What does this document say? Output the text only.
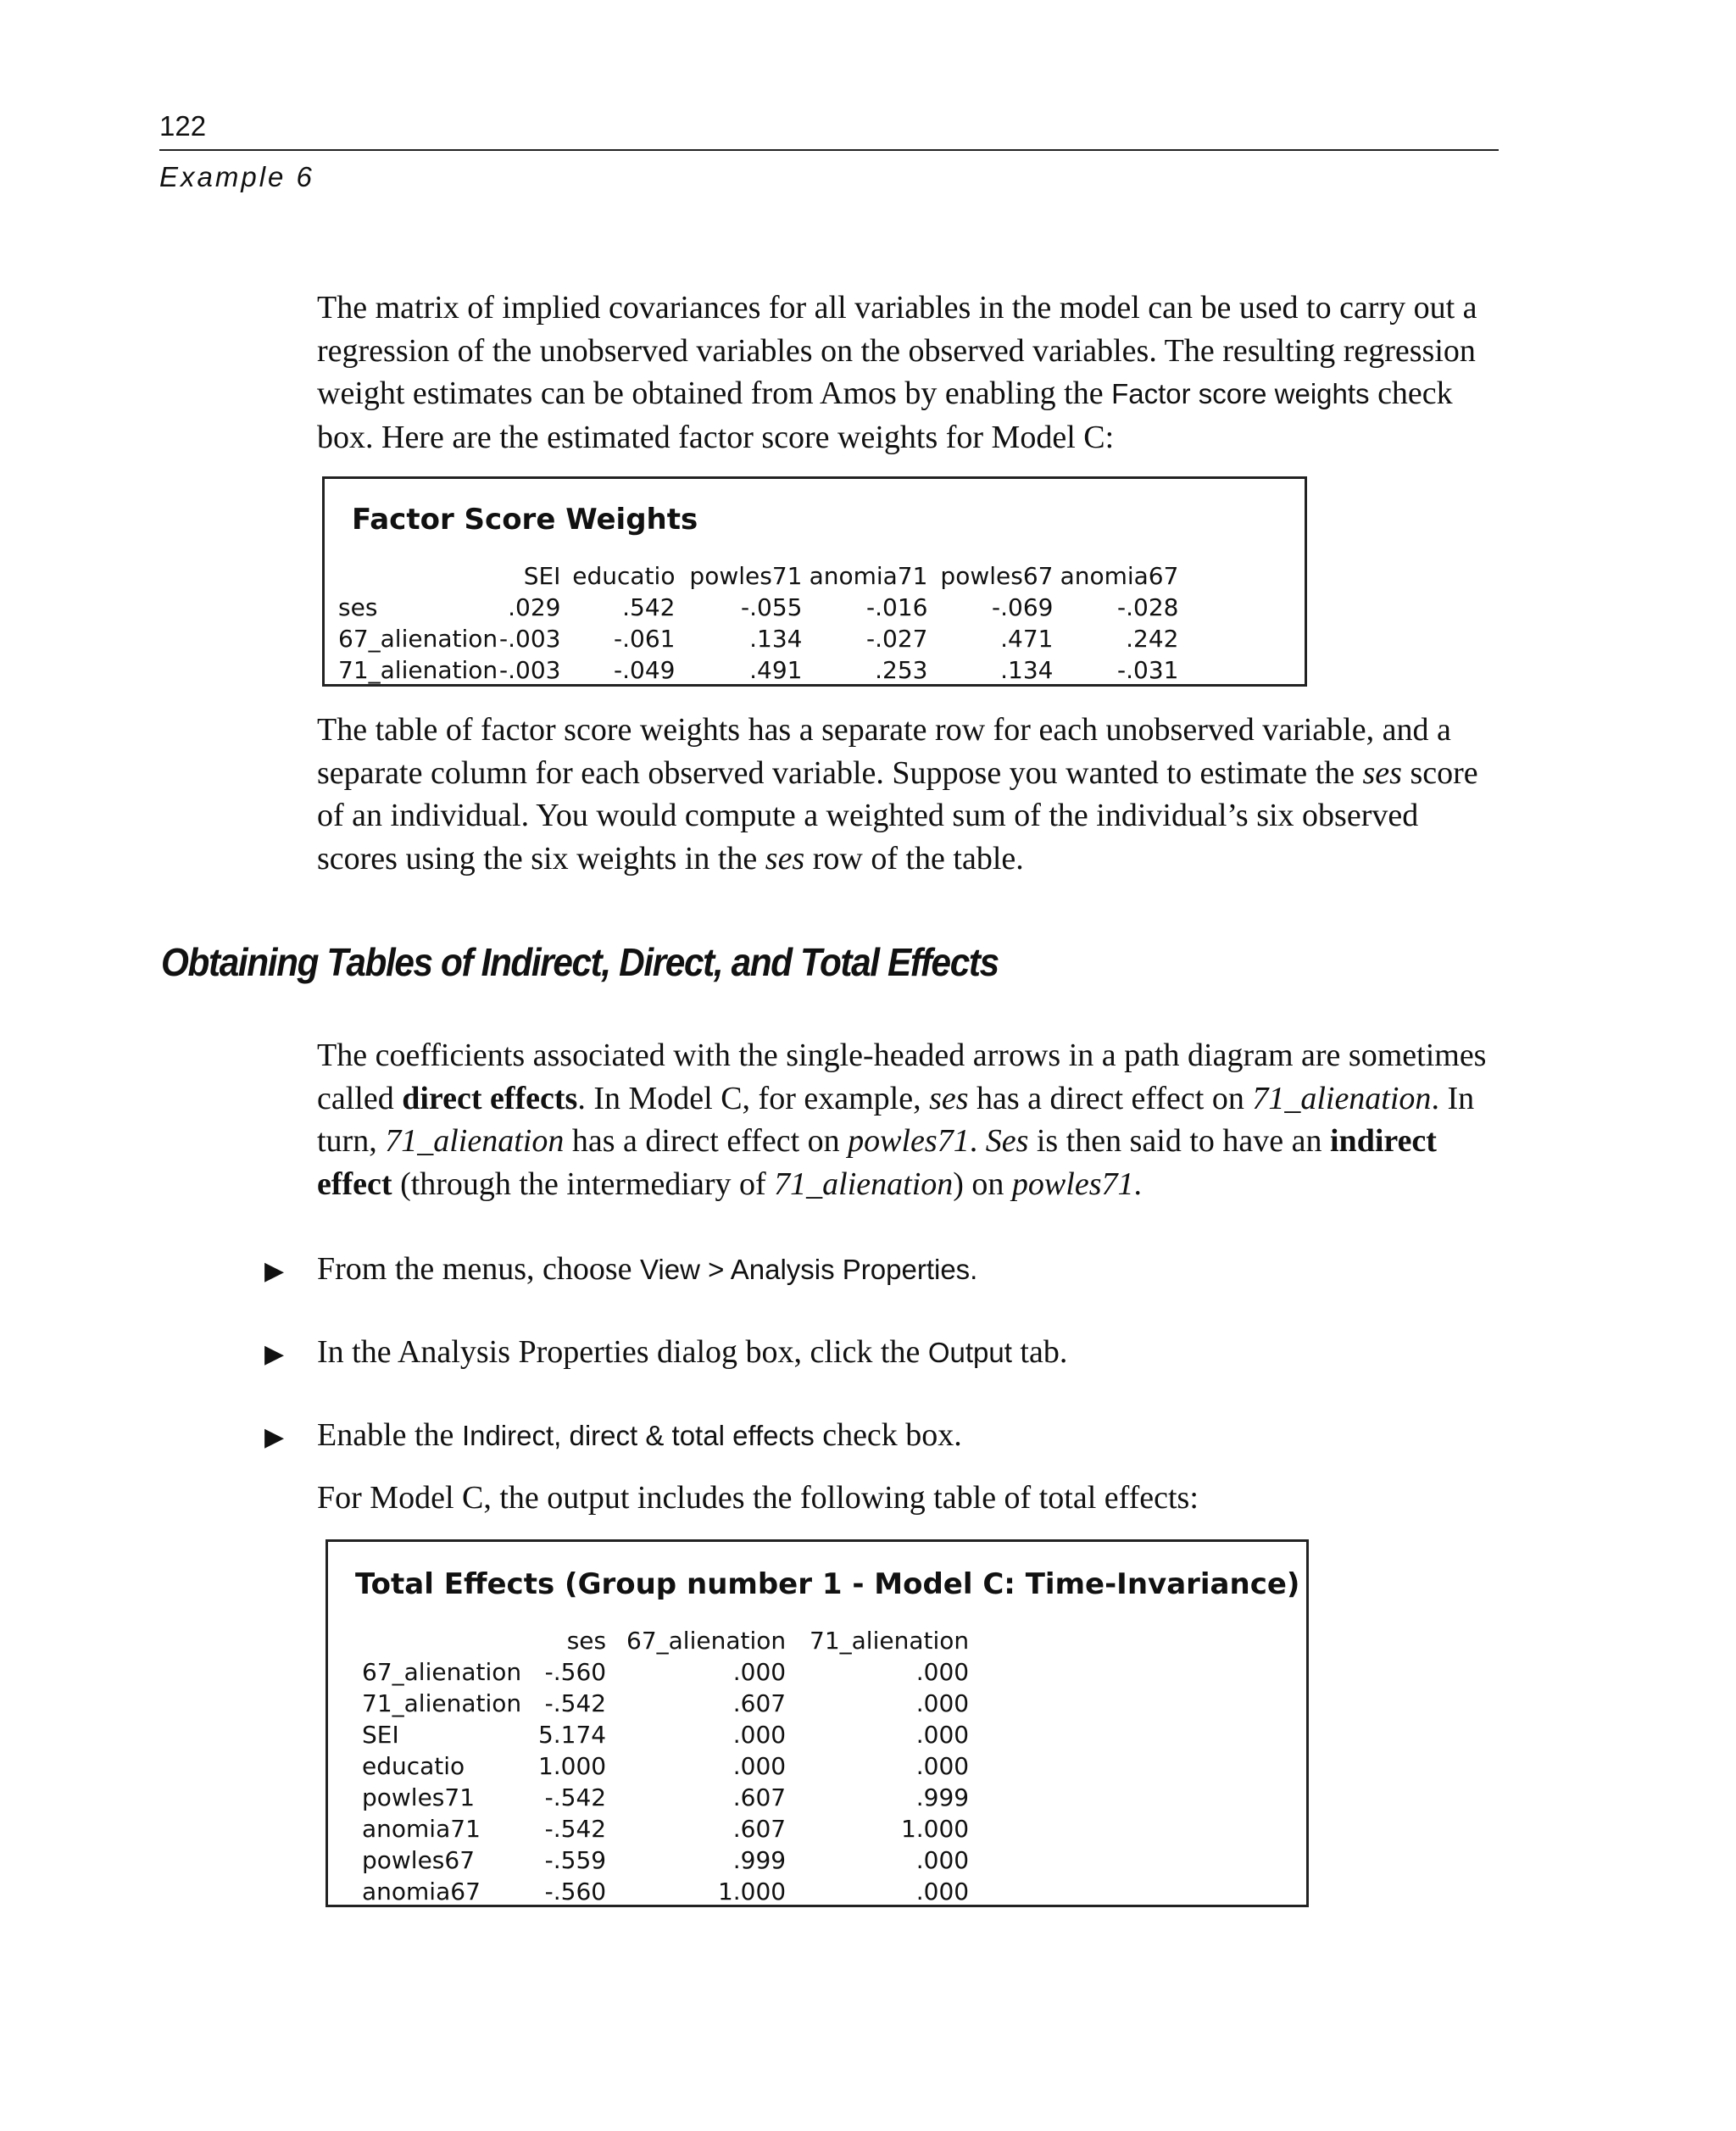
122
Example 6

The matrix of implied covariances for all variables in the model can be used to carry out a regression of the unobserved variables on the observed variables. The resulting regression weight estimates can be obtained from Amos by enabling the Factor score weights check box. Here are the estimated factor score weights for Model C:

Factor Score Weights
	SEI	educatio	powles71	anomia71	powles67	anomia67
ses	.029	.542	-.055	-.016	-.069	-.028
67_alienation	-.003	-.061	.134	-.027	.471	.242
71_alienation	-.003	-.049	.491	.253	.134	-.031

The table of factor score weights has a separate row for each unobserved variable, and a separate column for each observed variable. Suppose you wanted to estimate the ses score of an individual. You would compute a weighted sum of the individual’s six observed scores using the six weights in the ses row of the table.

Obtaining Tables of Indirect, Direct, and Total Effects

The coefficients associated with the single-headed arrows in a path diagram are sometimes called direct effects. In Model C, for example, ses has a direct effect on 71_alienation. In turn, 71_alienation has a direct effect on powles71. Ses is then said to have an indirect effect (through the intermediary of 71_alienation) on powles71.

▶ From the menus, choose View > Analysis Properties.
▶ In the Analysis Properties dialog box, click the Output tab.
▶ Enable the Indirect, direct & total effects check box.

For Model C, the output includes the following table of total effects:

Total Effects (Group number 1 - Model C: Time-Invariance)
	ses	67_alienation	71_alienation
67_alienation	-.560	.000	.000
71_alienation	-.542	.607	.000
SEI	5.174	.000	.000
educatio	1.000	.000	.000
powles71	-.542	.607	.999
anomia71	-.542	.607	1.000
powles67	-.559	.999	.000
anomia67	-.560	1.000	.000
